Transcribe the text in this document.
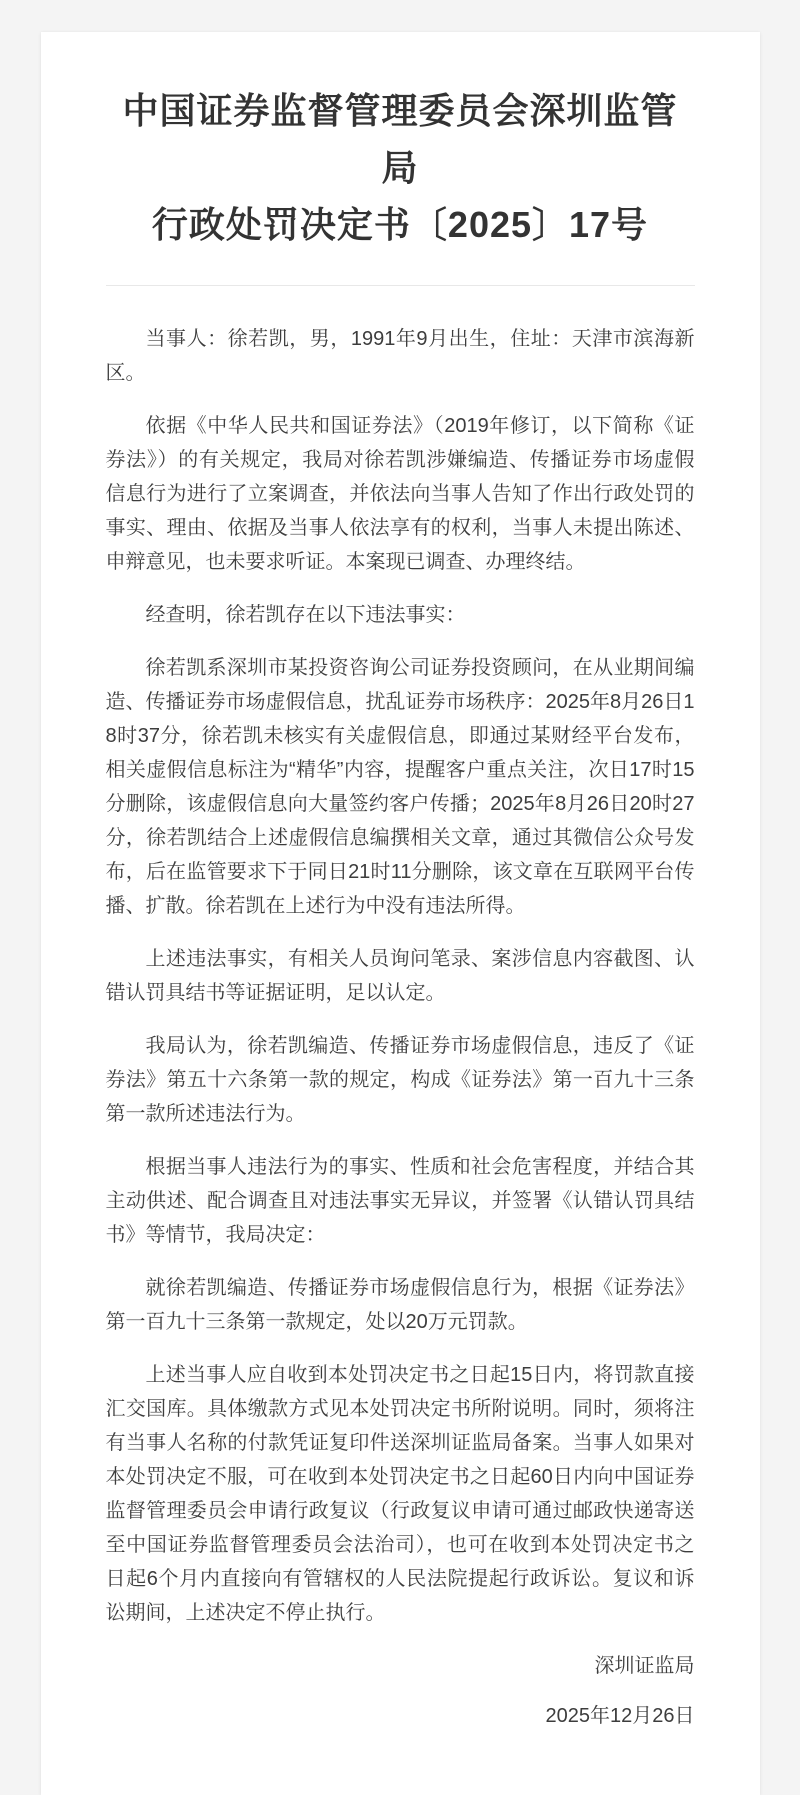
中国证券监督管理委员会深圳监管局
行政处罚决定书〔2025〕17号

当事人：徐若凯，男，1991年9月出生，住址：天津市滨海新区。

依据《中华人民共和国证券法》（2019年修订，以下简称《证券法》）的有关规定，我局对徐若凯涉嫌编造、传播证券市场虚假信息行为进行了立案调查，并依法向当事人告知了作出行政处罚的事实、理由、依据及当事人依法享有的权利，当事人未提出陈述、申辩意见，也未要求听证。本案现已调查、办理终结。

经查明，徐若凯存在以下违法事实：

徐若凯系深圳市某投资咨询公司证券投资顾问，在从业期间编造、传播证券市场虚假信息，扰乱证券市场秩序：2025年8月26日18时37分，徐若凯未核实有关虚假信息，即通过某财经平台发布，相关虚假信息标注为“精华”内容，提醒客户重点关注，次日17时15分删除，该虚假信息向大量签约客户传播；2025年8月26日20时27分，徐若凯结合上述虚假信息编撰相关文章，通过其微信公众号发布，后在监管要求下于同日21时11分删除，该文章在互联网平台传播、扩散。徐若凯在上述行为中没有违法所得。

上述违法事实，有相关人员询问笔录、案涉信息内容截图、认错认罚具结书等证据证明，足以认定。

我局认为，徐若凯编造、传播证券市场虚假信息，违反了《证券法》第五十六条第一款的规定，构成《证券法》第一百九十三条第一款所述违法行为。

根据当事人违法行为的事实、性质和社会危害程度，并结合其主动供述、配合调查且对违法事实无异议，并签署《认错认罚具结书》等情节，我局决定：

就徐若凯编造、传播证券市场虚假信息行为，根据《证券法》第一百九十三条第一款规定，处以20万元罚款。

上述当事人应自收到本处罚决定书之日起15日内，将罚款直接汇交国库。具体缴款方式见本处罚决定书所附说明。同时，须将注有当事人名称的付款凭证复印件送深圳证监局备案。当事人如果对本处罚决定不服，可在收到本处罚决定书之日起60日内向中国证券监督管理委员会申请行政复议（行政复议申请可通过邮政快递寄送至中国证券监督管理委员会法治司），也可在收到本处罚决定书之日起6个月内直接向有管辖权的人民法院提起行政诉讼。复议和诉讼期间，上述决定不停止执行。

深圳证监局
2025年12月26日
